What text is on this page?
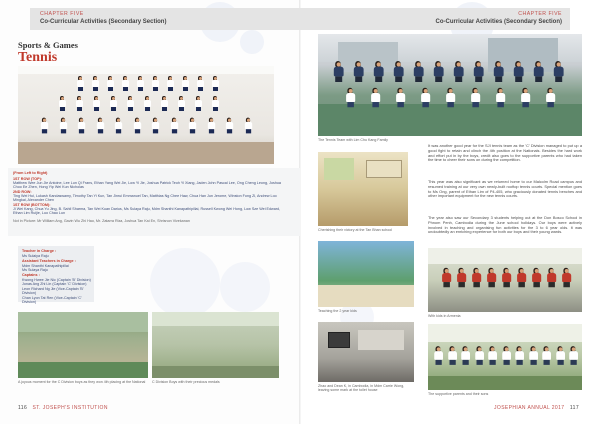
CHAPTER FIVE
Co-Curricular Activities (Secondary Section)
Sports & Games
Tennis
(From Left to Right)
1ST ROW (TOP):
Matthew Wee Jun Jie Antoine, Lee Lun Qi Frans, Ethan Yang Wei Jie, Low Yi Jie, Joshua Patrick Teoh Yi Xiang, Jaden John Pascal Lee, Ong Cheng Leong, Joshua Choo Ee Zhen, Hong Yip Wei Kun Nicholas
2ND ROW:
Ting Wei Hui, Lukash Kandaswamy, Timothy Tan Yi Kun, Tan Jinrui Emmanuel Tan, Matthias Ng Chee Haw, Chua Han Jun Jerome, Winston Fong Zi, Andrew Loo Mingkai, Alexander Chen
1ST ROW (BOTTOM):
Ji Wei Kang, Chua Yu Jing, B. Sahil Sharma, Tan Wei Kuan Darius, Ms Sulaya Raju, Mdm Shanthi Kanapathipillai, Russell Kwong Wei Hong, Low Sze Wei Edward, Ethan Lim Ruijie, Luo Chao Lun
Not in Picture: Mr William Ang, Gavin Wu Zhi Hao, Mr. Zatarra Riza, Joshua Tan Kai En, Shrisnon Vivekanan
Teacher in Charge :
Ms Sulaiya Raju
Assistant Teachers in Charge :
Mdm Shanthi Kanapathipillai
Ms Sulaya Raju
Captains :
Kwong Hwee Jie Nic (Captain 'B' Division)
Jonas Ang Zhi Lin (Captain 'C' Division)
Leon Richard Ng Jie (Vice-Captain 'B' Division)
Chan Lyon Tat Ren (Vice-Captain 'C' Division)
A joyous moment for the C Division boys as they won 4th placing at the National	C Division Boys with their precious medals
116 ST. JOSEPH'S INSTITUTION
CHAPTER FIVE
Co-Curricular Activities (Secondary Section)
The Tennis Team with Lim Chu Kang Family
Cherishing their victory at the Tan Bhan school
It was another good year for the SJI tennis team as the 'C' Division managed to put up a good fight to retain and clinch the 4th position at the Nationals. Besides the hard work and effort put in by the boys, credit also goes to the supportive parents who had taken the time to cheer their sons on during the competition.
This year was also significant as we returned home to our Malcolm Road campus and resumed training at our very own newly-built rooftop tennis courts. Special mention goes to Ms Ong, parent of Ethan Lim of P4-405, who graciously donated tennis benches and other important equipment for the new tennis courts.
The year also saw our Secondary 3 students helping out at the Don Bosco School in Phnom Penh, Cambodia during the June school holidays. Our boys were actively involved in teaching and organising fun activities for the 3 to 6 year olds. It was undoubtedly an enriching experience for both our boys and their young wards.
Teaching the 2 year kids
With kids in Armenia
Zhao and Dean K, in Cambodia, in Mdm Carrie Wong, leaving some mark at the toilet house
The supportive parents and their sons
JOSEPHIAN ANNUAL 2017 117
